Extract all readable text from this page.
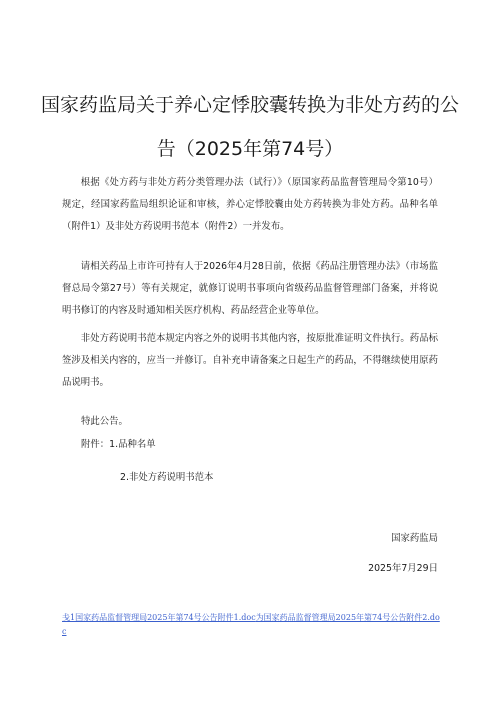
国家药监局关于养心定悸胶囊转换为非处方药的公
告（2025年第74号）

根据《处方药与非处方药分类管理办法（试行）》（原国家药品监督管理局令第10号）规定，经国家药监局组织论证和审核，养心定悸胶囊由处方药转换为非处方药。品种名单（附件1）及非处方药说明书范本（附件2）一并发布。

请相关药品上市许可持有人于2026年4月28日前，依据《药品注册管理办法》（市场监督总局令第27号）等有关规定，就修订说明书事项向省级药品监督管理部门备案，并将说明书修订的内容及时通知相关医疗机构、药品经营企业等单位。

非处方药说明书范本规定内容之外的说明书其他内容，按原批准证明文件执行。药品标签涉及相关内容的，应当一并修订。自补充申请备案之日起生产的药品，不得继续使用原药品说明书。

特此公告。
附件：1.品种名单
2.非处方药说明书范本
国家药监局
2025年7月29日
戋1国家药品监督管理局2025年第74号公告附件1.doc为国家药品监督管理局2025年第74号公告附件2.doc
